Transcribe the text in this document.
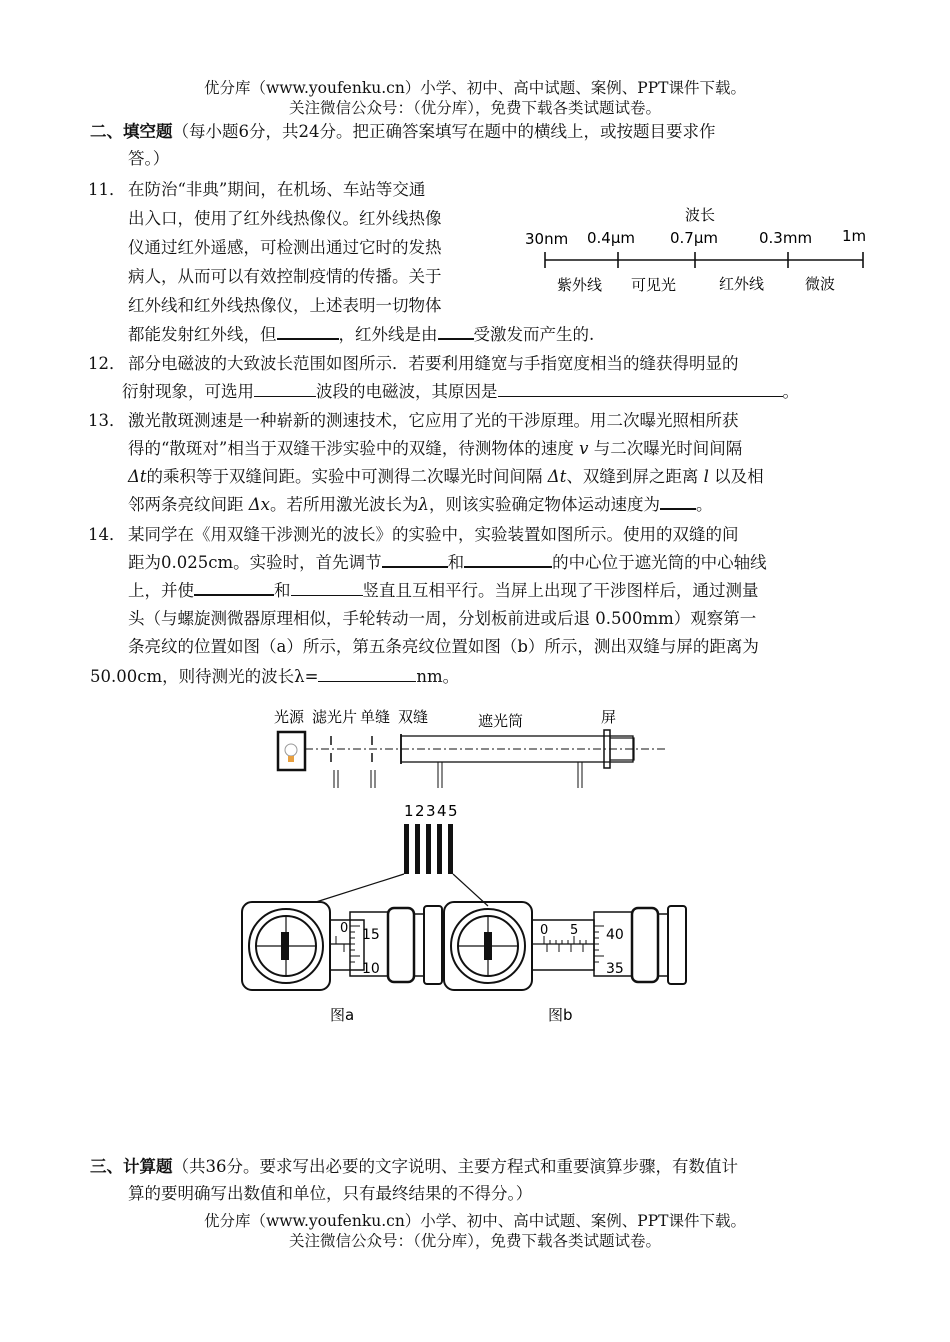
优分库（www.youfenku.cn）小学、初中、高中试题、案例、PPT课件下载。
关注微信公众号：（优分库），免费下载各类试题试卷。
二、填空题（每小题6分，共24分。把正确答案填写在题中的横线上，或按题目要求作
答。）
11． 在防治“非典”期间，在机场、车站等交通
出入口，使用了红外线热像仪。红外线热像
仪通过红外遥感，可检测出通过它时的发热
病人，从而可以有效控制疫情的传播。关于
红外线和红外线热像仪，上述表明一切物体
都能发射红外线，但	，红外线是由 受激发而产生的.
波长
30nm 0.4μm 0.7μm	0.3mm 1m
紫外线 可见光	红外线	微波
12． 部分电磁波的大致波长范围如图所示．若要利用缝宽与手指宽度相当的缝获得明显的
衍射现象，可选用	波段的电磁波，其原因是	。
13． 激光散斑测速是一种崭新的测速技术，它应用了光的干涉原理。用二次曝光照相所获
得的“散斑对”相当于双缝干涉实验中的双缝，待测物体的速度 v 与二次曝光时间间隔
Δt的乘积等于双缝间距。实验中可测得二次曝光时间间隔 Δt、双缝到屏之距离 l 以及相
邻两条亮纹间距 Δx。若所用激光波长为λ，则该实验确定物体运动速度为 。
14． 某同学在《用双缝干涉测光的波长》的实验中，实验装置如图所示。使用的双缝的间
距为0.025cm。实验时，首先调节	和	的中心位于遮光筒的中心轴线
上，并使	和	竖直且互相平行。当屏上出现了干涉图样后，通过测量
头（与螺旋测微器原理相似，手轮转动一周，分划板前进或后退 0.500mm）观察第一
条亮纹的位置如图（a）所示，第五条亮纹位置如图（b）所示，测出双缝与屏的距离为
50.00cm，则待测光的波长λ=	nm。
光源 滤光片 单缝 双缝	遮光筒	屏
1 2 3 4 5
0 15
10
图a
0 5 40
35
图b
三、计算题（共36分。要求写出必要的文字说明、主要方程式和重要演算步骤，有数值计
算的要明确写出数值和单位，只有最终结果的不得分。）
优分库（www.youfenku.cn）小学、初中、高中试题、案例、PPT课件下载。
关注微信公众号：（优分库），免费下载各类试题试卷。
